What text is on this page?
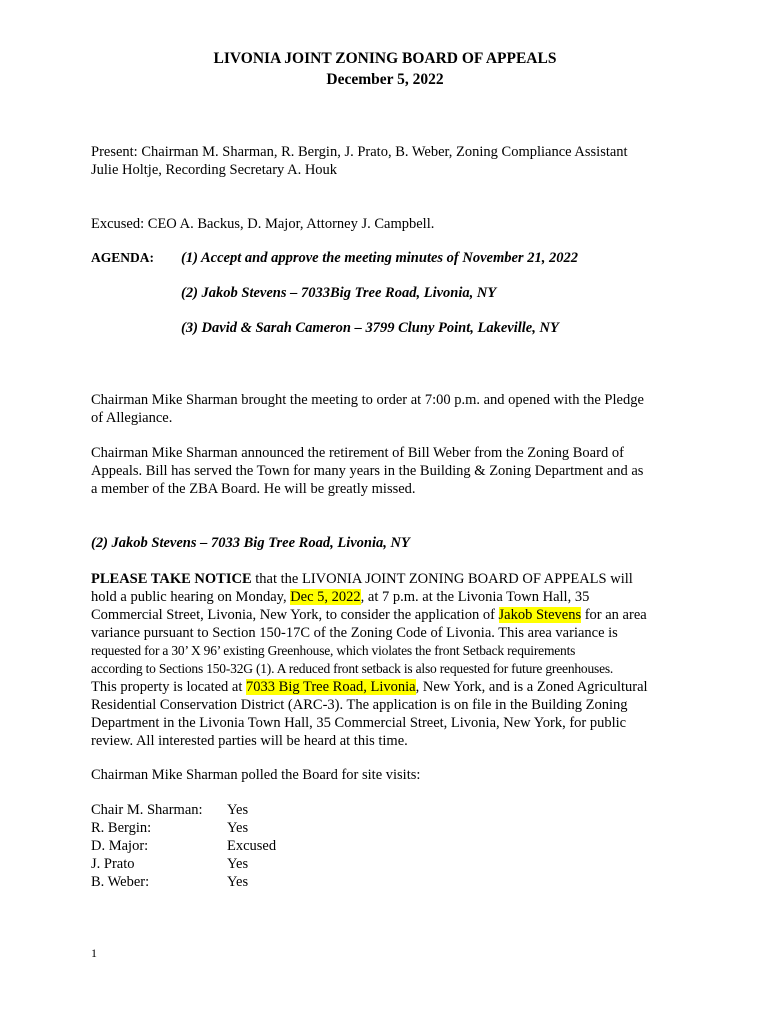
LIVONIA JOINT ZONING BOARD OF APPEALS
December 5, 2022
Present: Chairman M. Sharman, R. Bergin, J. Prato, B. Weber, Zoning Compliance Assistant
Julie Holtje, Recording Secretary A. Houk
Excused: CEO A. Backus, D. Major, Attorney J. Campbell.
AGENDA: (1) Accept and approve the meeting minutes of November 21, 2022
(2) Jakob Stevens – 7033Big Tree Road, Livonia, NY
(3) David & Sarah Cameron – 3799 Cluny Point, Lakeville, NY
Chairman Mike Sharman brought the meeting to order at 7:00 p.m. and opened with the Pledge
of Allegiance.
Chairman Mike Sharman announced the retirement of Bill Weber from the Zoning Board of
Appeals. Bill has served the Town for many years in the Building & Zoning Department and as
a member of the ZBA Board. He will be greatly missed.
(2) Jakob Stevens – 7033 Big Tree Road, Livonia, NY
PLEASE TAKE NOTICE that the LIVONIA JOINT ZONING BOARD OF APPEALS will
hold a public hearing on Monday, Dec 5, 2022, at 7 p.m. at the Livonia Town Hall, 35
Commercial Street, Livonia, New York, to consider the application of Jakob Stevens for an area
variance pursuant to Section 150-17C of the Zoning Code of Livonia. This area variance is
requested for a 30’ X 96’ existing Greenhouse, which violates the front Setback requirements
according to Sections 150-32G (1). A reduced front setback is also requested for future greenhouses.
This property is located at 7033 Big Tree Road, Livonia, New York, and is a Zoned Agricultural
Residential Conservation District (ARC-3). The application is on file in the Building Zoning
Department in the Livonia Town Hall, 35 Commercial Street, Livonia, New York, for public
review. All interested parties will be heard at this time.
Chairman Mike Sharman polled the Board for site visits:
Chair M. Sharman: Yes
R. Bergin:	Yes
D. Major:	Excused
J. Prato	Yes
B. Weber:	Yes
1
